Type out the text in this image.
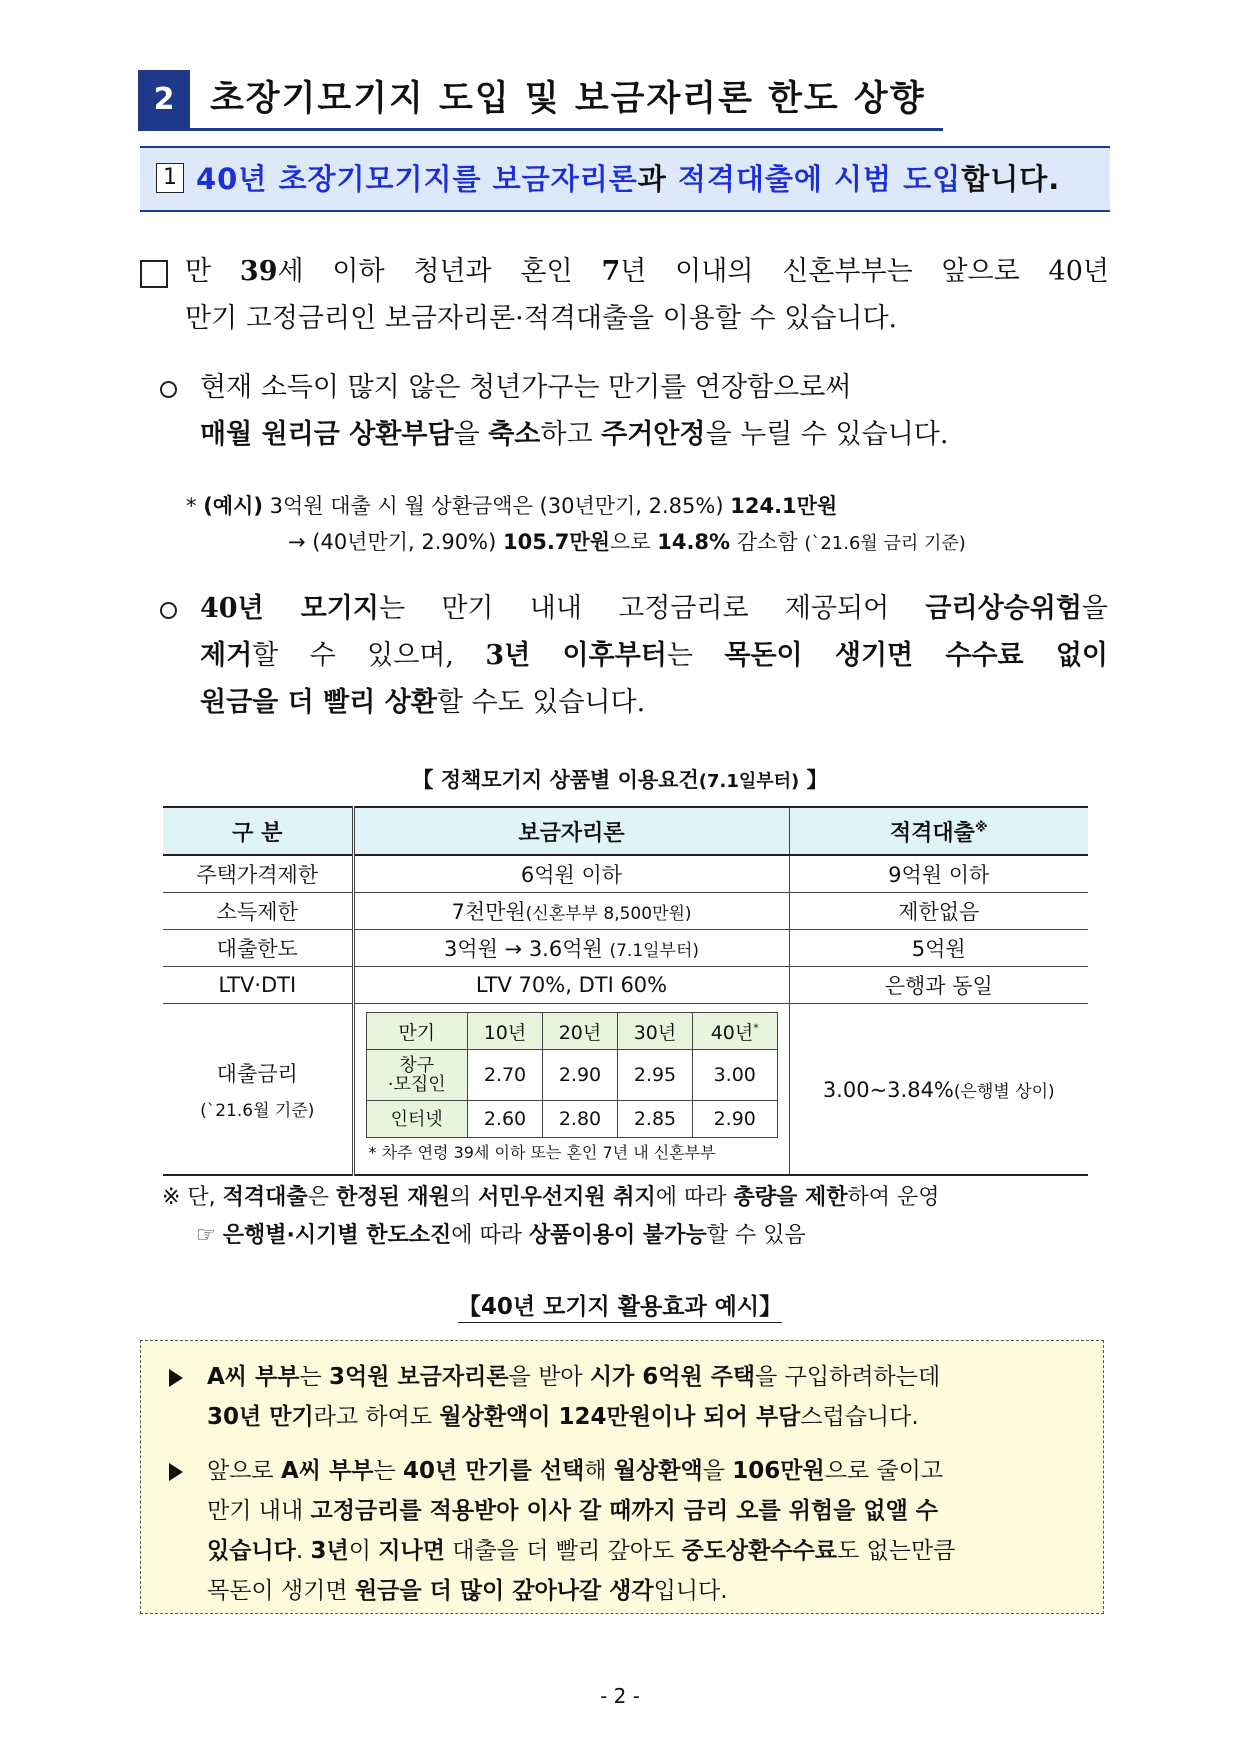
2	초장기모기지 도입 및 보금자리론 한도 상향
1 40년 초장기모기지를 보금자리론과 적격대출에 시범 도입합니다.
만 39세 이하 청년과 혼인 7년 이내의 신혼부부는 앞으로 40년
만기 고정금리인 보금자리론·적격대출을 이용할 수 있습니다.
현재 소득이 많지 않은 청년가구는 만기를 연장함으로써
매월 원리금 상환부담을 축소하고 주거안정을 누릴 수 있습니다.
* (예시) 3억원 대출 시 월 상환금액은 (30년만기, 2.85%) 124.1만원
→ (40년만기, 2.90%) 105.7만원으로 14.8% 감소함 (`21.6월 금리 기준)
40년 모기지는 만기 내내 고정금리로 제공되어 금리상승위험을
제거할 수 있으며, 3년 이후부터는 목돈이 생기면 수수료 없이
원금을 더 빨리 상환할 수도 있습니다.
【 정책모기지 상품별 이용요건(7.1일부터) 】
구 분	보금자리론	적격대출※
주택가격제한	6억원 이하	9억원 이하
소득제한	7천만원(신혼부부 8,500만원)	제한없음
대출한도	3억원 → 3.6억원 (7.1일부터)	5억원
LTV·DTI	LTV 70%, DTI 60%	은행과 동일

대출금리
(`21.6월 기준)

만기	10년	20년	30년	40년*

창구
·모집인	2.70	2.90	2.95	3.00

인터넷	2.60	2.80	2.85	2.90
* 차주 연령 39세 이하 또는 혼인 7년 내 신혼부부
	3.00~3.84%(은행별 상이)
※ 단, 적격대출은 한정된 재원의 서민우선지원 취지에 따라 총량을 제한하여 운영
☞ 은행별·시기별 한도소진에 따라 상품이용이 불가능할 수 있음
【40년 모기지 활용효과 예시】
A씨 부부는 3억원 보금자리론을 받아 시가 6억원 주택을 구입하려하는데
30년 만기라고 하여도 월상환액이 124만원이나 되어 부담스럽습니다.
앞으로 A씨 부부는 40년 만기를 선택해 월상환액을 106만원으로 줄이고
만기 내내 고정금리를 적용받아 이사 갈 때까지 금리 오를 위험을 없앨 수
있습니다. 3년이 지나면 대출을 더 빨리 갚아도 중도상환수수료도 없는만큼
목돈이 생기면 원금을 더 많이 갚아나갈 생각입니다.
- 2 -
